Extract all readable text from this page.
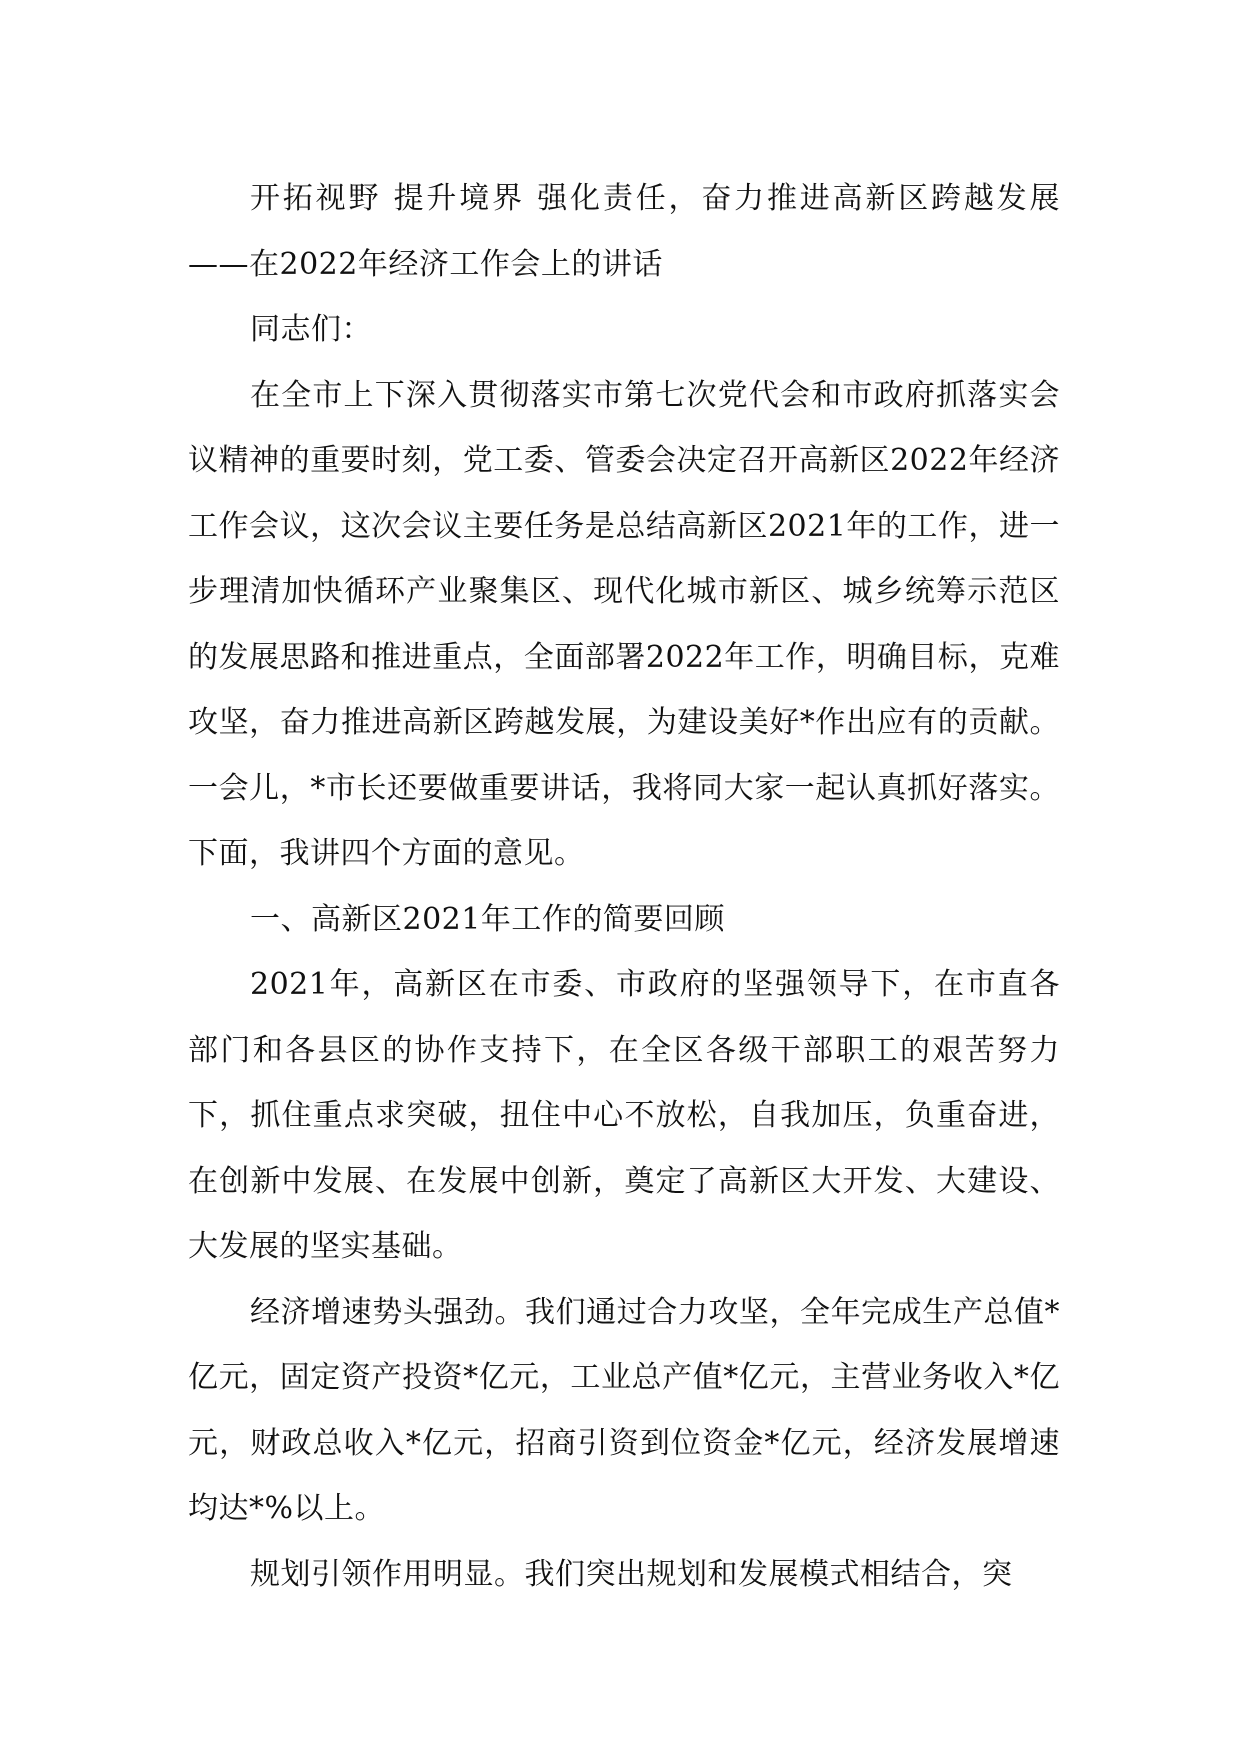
开拓视野 提升境界 强化责任，奋力推进高新区跨越发展——在2022年经济工作会上的讲话

同志们：

在全市上下深入贯彻落实市第七次党代会和市政府抓落实会议精神的重要时刻，党工委、管委会决定召开高新区2022年经济工作会议，这次会议主要任务是总结高新区2021年的工作，进一步理清加快循环产业聚集区、现代化城市新区、城乡统筹示范区的发展思路和推进重点，全面部署2022年工作，明确目标，克难攻坚，奋力推进高新区跨越发展，为建设美好*作出应有的贡献。一会儿，*市长还要做重要讲话，我将同大家一起认真抓好落实。下面，我讲四个方面的意见。

一、高新区2021年工作的简要回顾

2021年，高新区在市委、市政府的坚强领导下，在市直各部门和各县区的协作支持下，在全区各级干部职工的艰苦努力下，抓住重点求突破，扭住中心不放松，自我加压，负重奋进，在创新中发展、在发展中创新，奠定了高新区大开发、大建设、大发展的坚实基础。

经济增速势头强劲。我们通过合力攻坚，全年完成生产总值*亿元，固定资产投资*亿元，工业总产值*亿元，主营业务收入*亿元，财政总收入*亿元，招商引资到位资金*亿元，经济发展增速均达*%以上。

规划引领作用明显。我们突出规划和发展模式相结合，突
